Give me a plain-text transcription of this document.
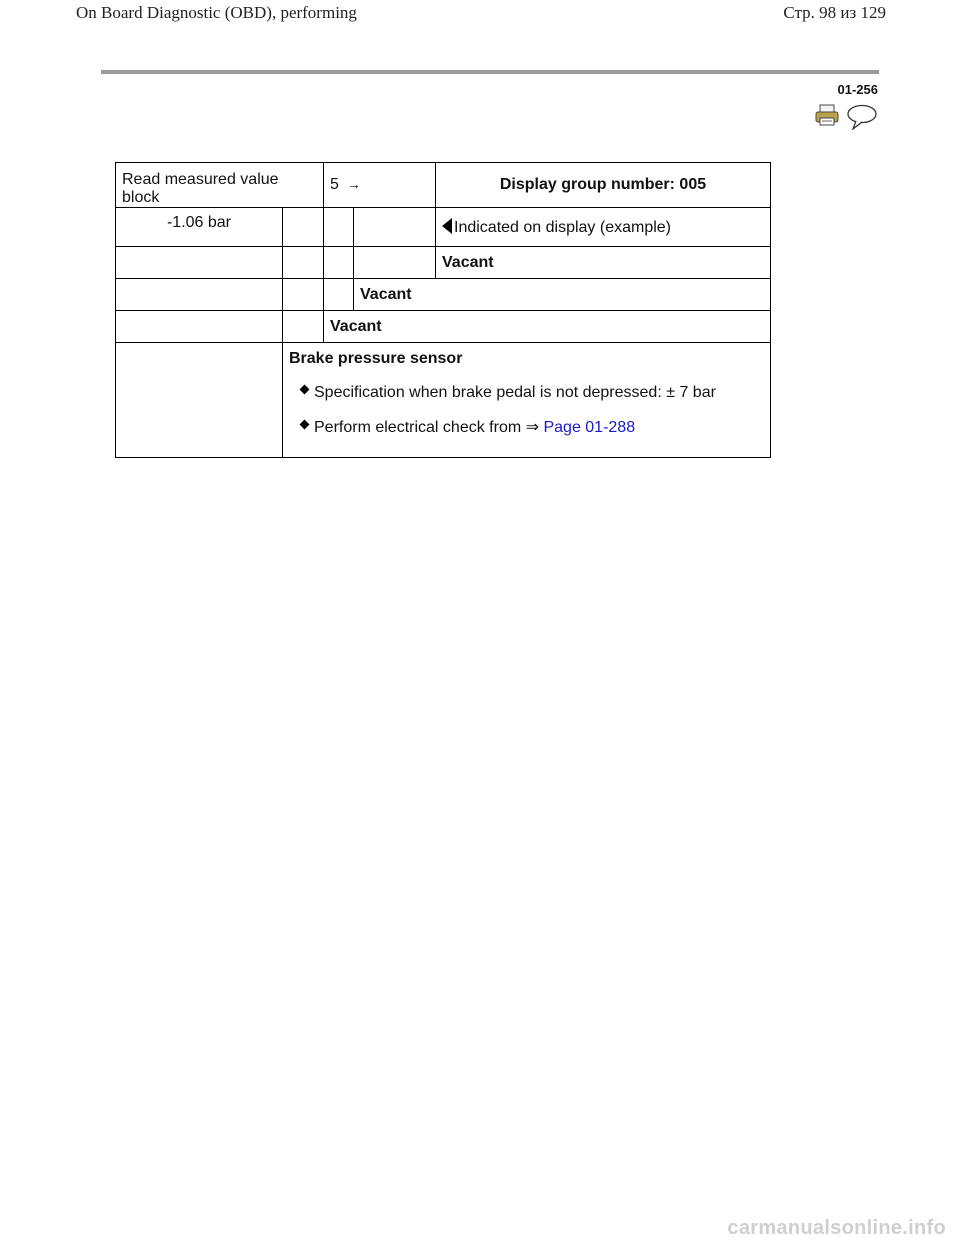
On Board Diagnostic (OBD), performing	Стр. 98 из 129
01-256
Read measured value block		5 →		Display group number: 005
-1.06 bar				Indicated on display (example)
				Vacant
			Vacant	
		Vacant		

	Brake pressure sensor
Specification when brake pedal is not depressed: ± 7 bar
Perform electrical check from ⇒ Page 01-288			
carmanualsonline.info
